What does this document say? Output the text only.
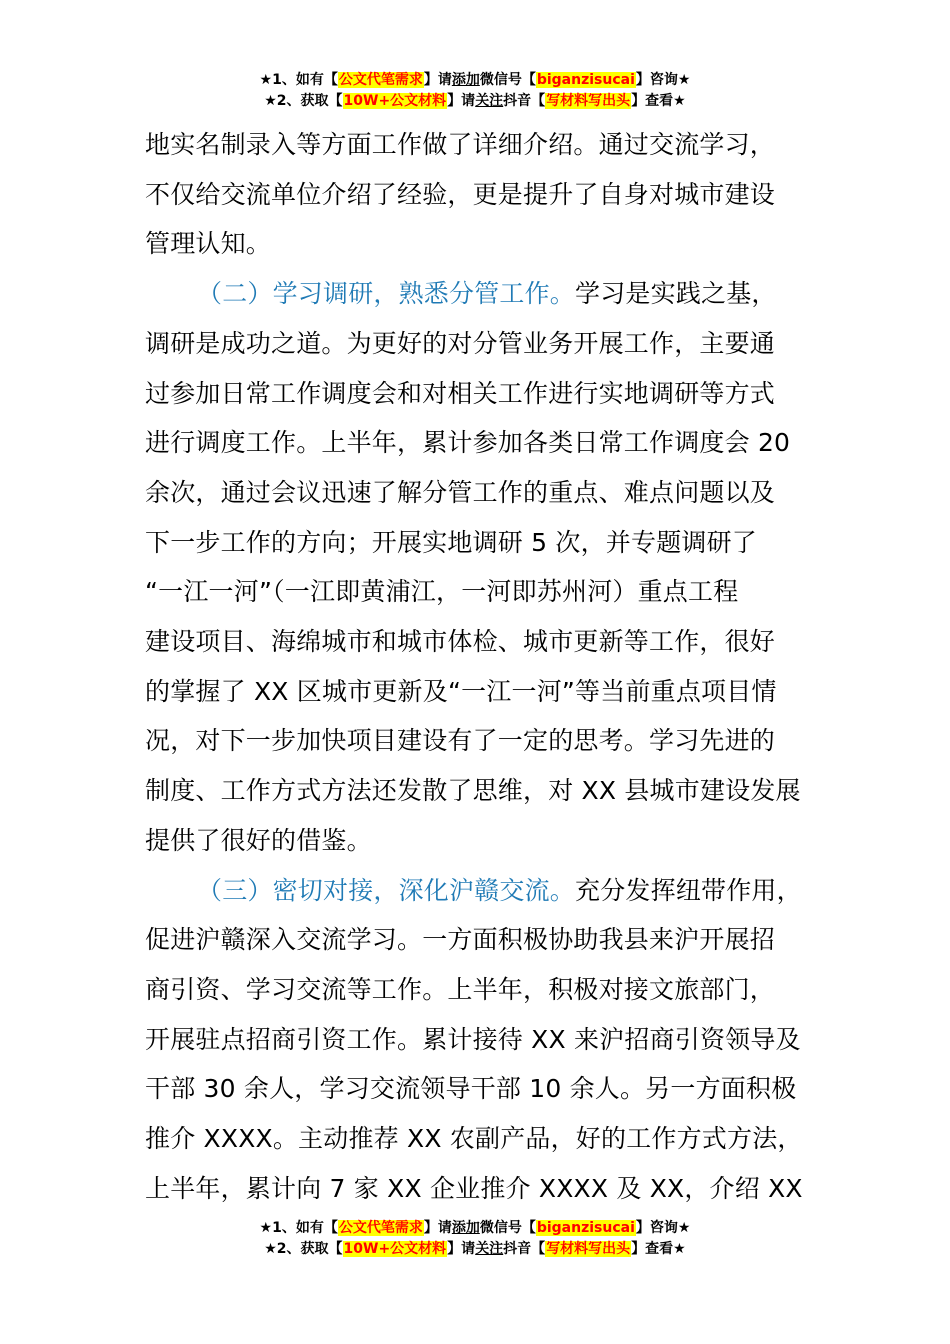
★1、如有【公文代笔需求】请添加微信号【biganzisucai】咨询★
★2、获取【10W+公文材料】请关注抖音【写材料写出头】查看★

地实名制录入等方面工作做了详细介绍。通过交流学习，
不仅给交流单位介绍了经验，更是提升了自身对城市建设
管理认知。

（二）学习调研，熟悉分管工作。学习是实践之基，
调研是成功之道。为更好的对分管业务开展工作，主要通
过参加日常工作调度会和对相关工作进行实地调研等方式
进行调度工作。上半年，累计参加各类日常工作调度会 20
余次，通过会议迅速了解分管工作的重点、难点问题以及
下一步工作的方向；开展实地调研 5 次，并专题调研了
“一江一河”（一江即黄浦江，一河即苏州河）重点工程
建设项目、海绵城市和城市体检、城市更新等工作，很好
的掌握了 XX 区城市更新及“一江一河”等当前重点项目情
况，对下一步加快项目建设有了一定的思考。学习先进的
制度、工作方式方法还发散了思维，对 XX 县城市建设发展
提供了很好的借鉴。

（三）密切对接，深化沪赣交流。充分发挥纽带作用，
促进沪赣深入交流学习。一方面积极协助我县来沪开展招
商引资、学习交流等工作。上半年，积极对接文旅部门，
开展驻点招商引资工作。累计接待 XX 来沪招商引资领导及
干部 30 余人，学习交流领导干部 10 余人。另一方面积极
推介 XXXX。主动推荐 XX 农副产品，好的工作方式方法，
上半年，累计向 7 家 XX 企业推介 XXXX 及 XX，介绍 XX

★1、如有【公文代笔需求】请添加微信号【biganzisucai】咨询★
★2、获取【10W+公文材料】请关注抖音【写材料写出头】查看★
